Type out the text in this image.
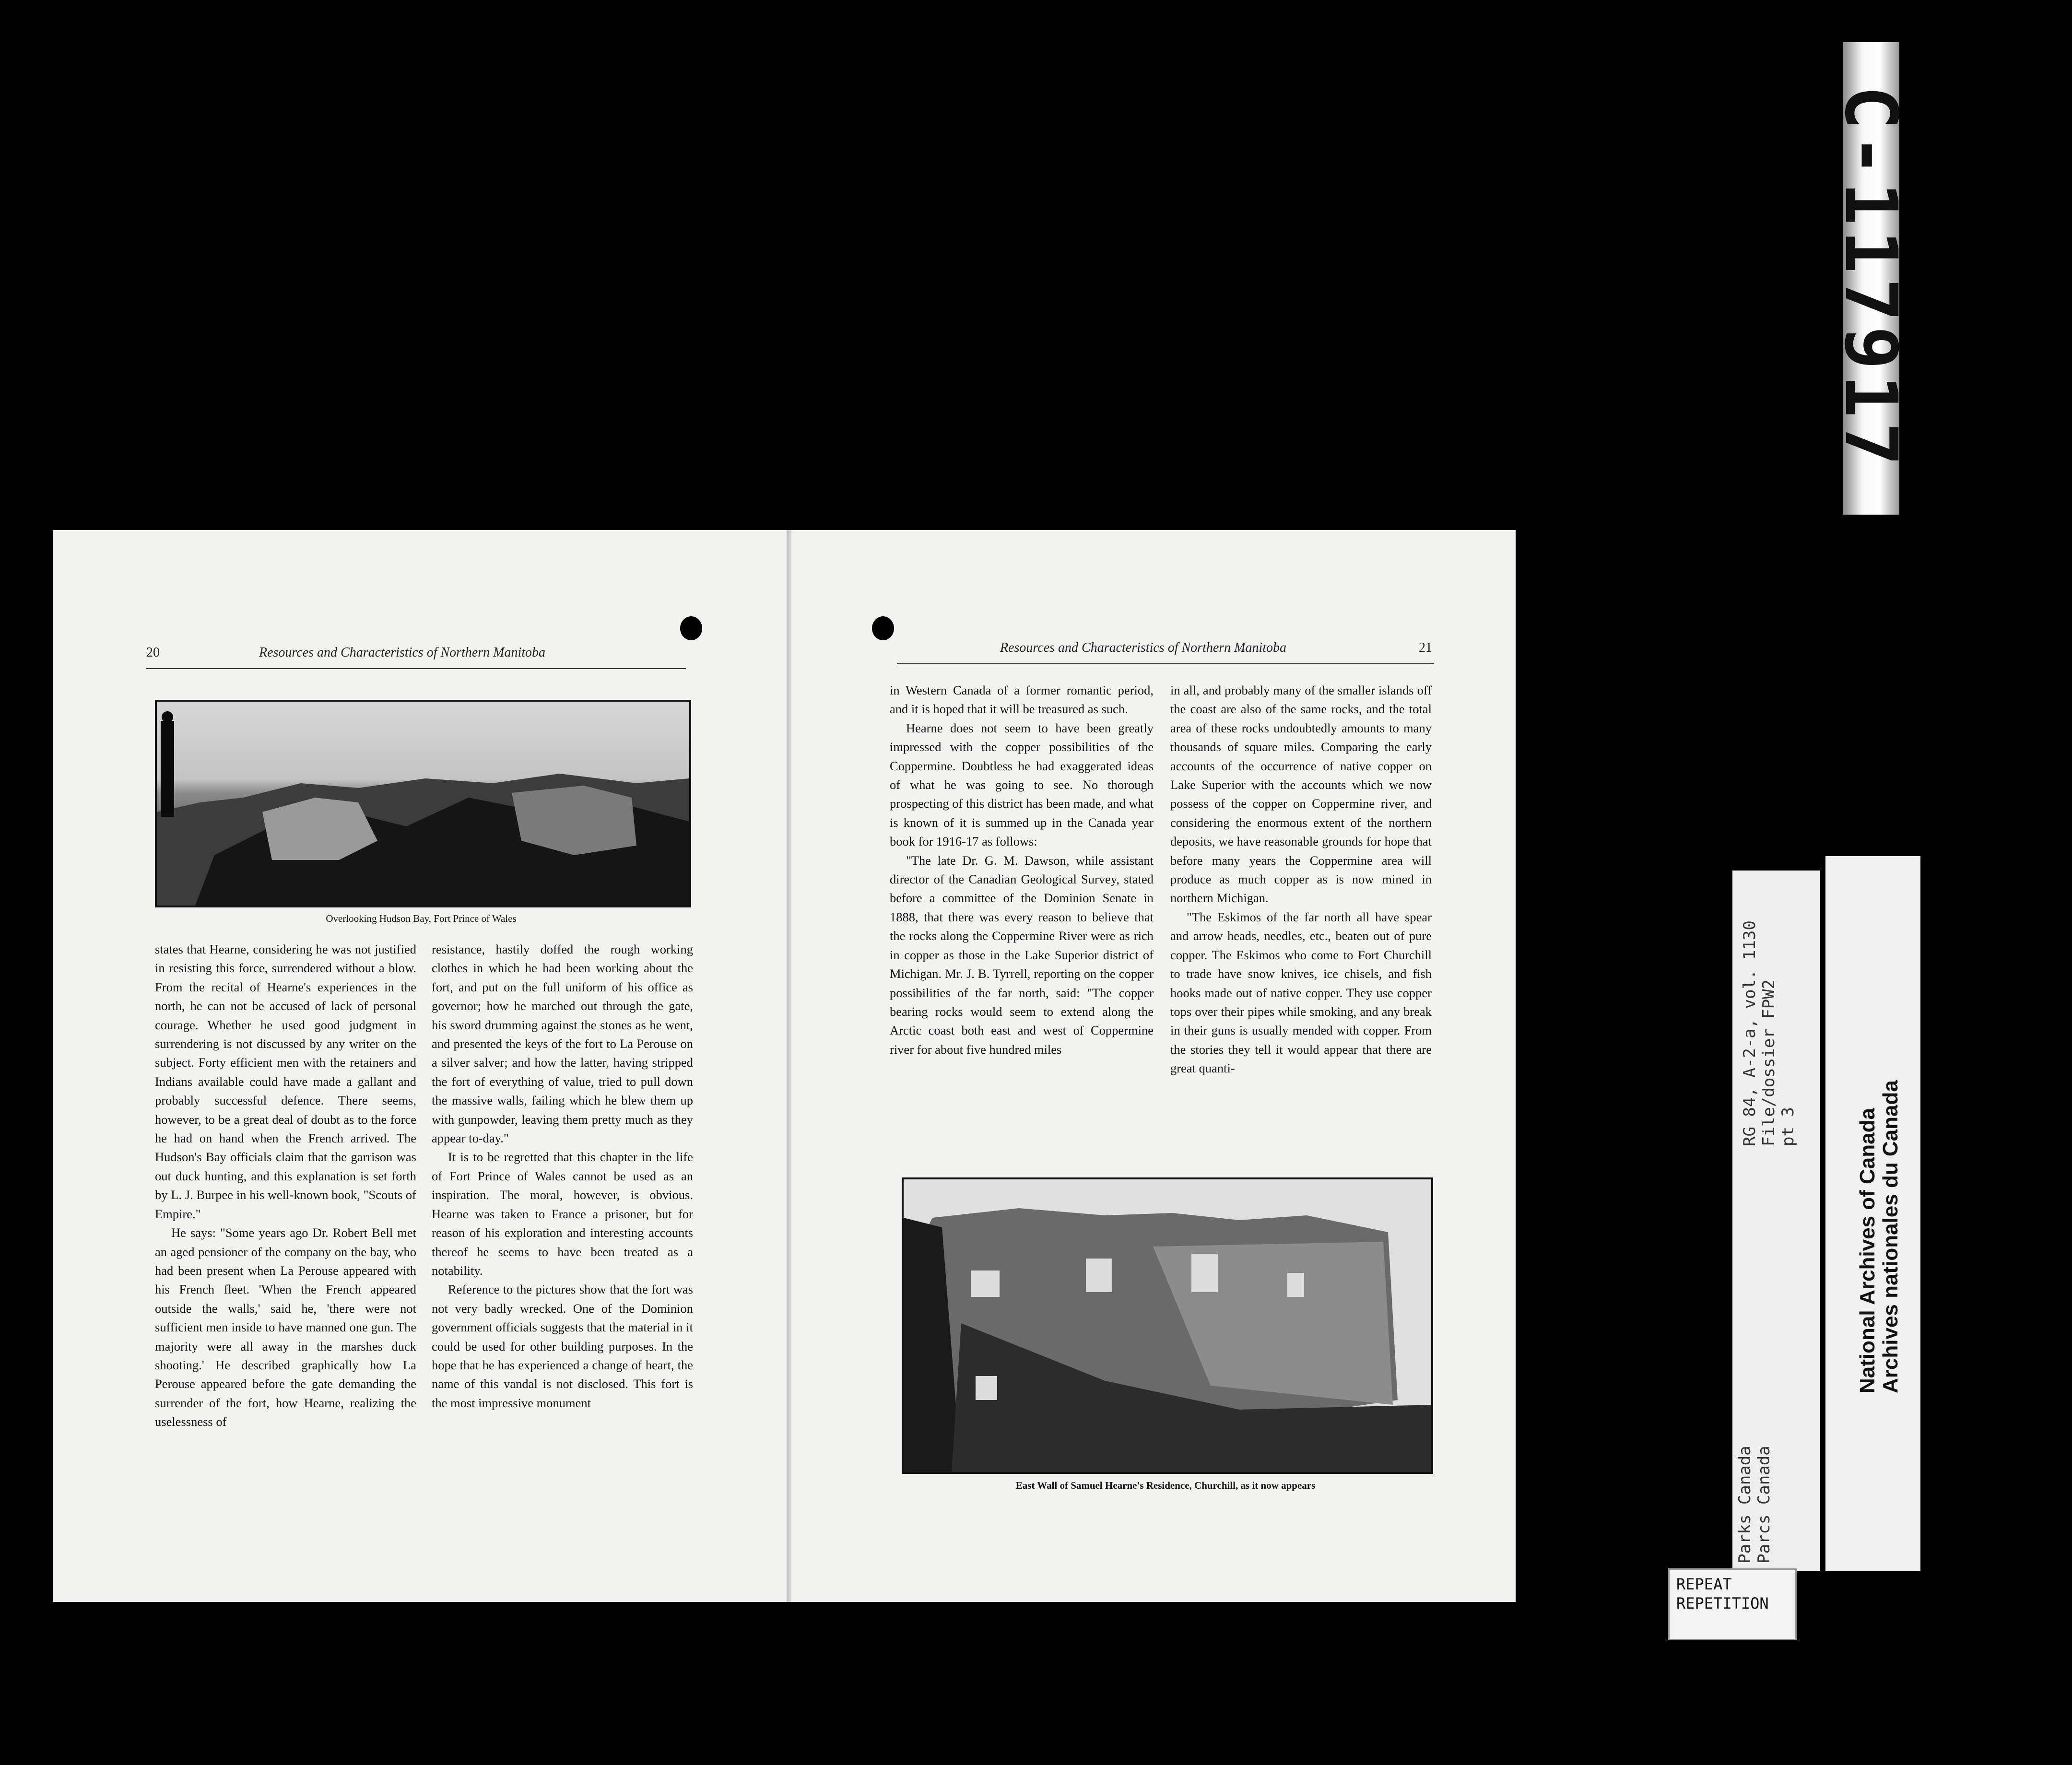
C-117917
20	Resources and Characteristics of Northern Manitoba
Overlooking Hudson Bay, Fort Prince of Wales

states that Hearne, considering he was not justified in resisting this force, surrendered without a blow. From the recital of Hearne's experiences in the north, he can not be accused of lack of personal courage. Whether he used good judgment in surrendering is not discussed by any writer on the subject. Forty efficient men with the retainers and Indians available could have made a gallant and probably successful defence. There seems, however, to be a great deal of doubt as to the force he had on hand when the French arrived. The Hudson's Bay officials claim that the garrison was out duck hunting, and this explanation is set forth by L. J. Burpee in his well-known book, "Scouts of Empire."

He says: "Some years ago Dr. Robert Bell met an aged pensioner of the company on the bay, who had been present when La Perouse appeared with his French fleet. 'When the French appeared outside the walls,' said he, 'there were not sufficient men inside to have manned one gun. The majority were all away in the marshes duck shooting.' He described graphically how La Perouse appeared before the gate demanding the surrender of the fort, how Hearne, realizing the uselessness of

resistance, hastily doffed the rough working clothes in which he had been working about the fort, and put on the full uniform of his office as governor; how he marched out through the gate, his sword drumming against the stones as he went, and presented the keys of the fort to La Perouse on a silver salver; and how the latter, having stripped the fort of everything of value, tried to pull down the massive walls, failing which he blew them up with gunpowder, leaving them pretty much as they appear to-day."

It is to be regretted that this chapter in the life of Fort Prince of Wales cannot be used as an inspiration. The moral, however, is obvious. Hearne was taken to France a prisoner, but for reason of his exploration and interesting accounts thereof he seems to have been treated as a notability.

Reference to the pictures show that the fort was not very badly wrecked. One of the Dominion government officials suggests that the material in it could be used for other building purposes. In the hope that he has experienced a change of heart, the name of this vandal is not disclosed. This fort is the most impressive monument

Resources and Characteristics of Northern Manitoba	21

in Western Canada of a former romantic period, and it is hoped that it will be treasured as such.

Hearne does not seem to have been greatly impressed with the copper possibilities of the Coppermine. Doubtless he had exaggerated ideas of what he was going to see. No thorough prospecting of this district has been made, and what is known of it is summed up in the Canada year book for 1916-17 as follows:

"The late Dr. G. M. Dawson, while assistant director of the Canadian Geological Survey, stated before a committee of the Dominion Senate in 1888, that there was every reason to believe that the rocks along the Coppermine River were as rich in copper as those in the Lake Superior district of Michigan. Mr. J. B. Tyrrell, reporting on the copper possibilities of the far north, said: "The copper bearing rocks would seem to extend along the Arctic coast both east and west of Coppermine river for about five hundred miles

in all, and probably many of the smaller islands off the coast are also of the same rocks, and the total area of these rocks undoubtedly amounts to many thousands of square miles. Comparing the early accounts of the occurrence of native copper on Lake Superior with the accounts which we now possess of the copper on Coppermine river, and considering the enormous extent of the northern deposits, we have reasonable grounds for hope that before many years the Coppermine area will produce as much copper as is now mined in northern Michigan.

"The Eskimos of the far north all have spear and arrow heads, needles, etc., beaten out of pure copper. The Eskimos who come to Fort Churchill to trade have snow knives, ice chisels, and fish hooks made out of native copper. They use copper tops over their pipes while smoking, and any break in their guns is usually mended with copper. From the stories they tell it would appear that there are great quanti-

East Wall of Samuel Hearne's Residence, Churchill, as it now appears
RG 84, A-2-a, vol. 1130 File/dossier FPW2 pt 3
Parks Canada Parcs Canada
National Archives of Canada Archives nationales du Canada
REPEAT
REPETITION
